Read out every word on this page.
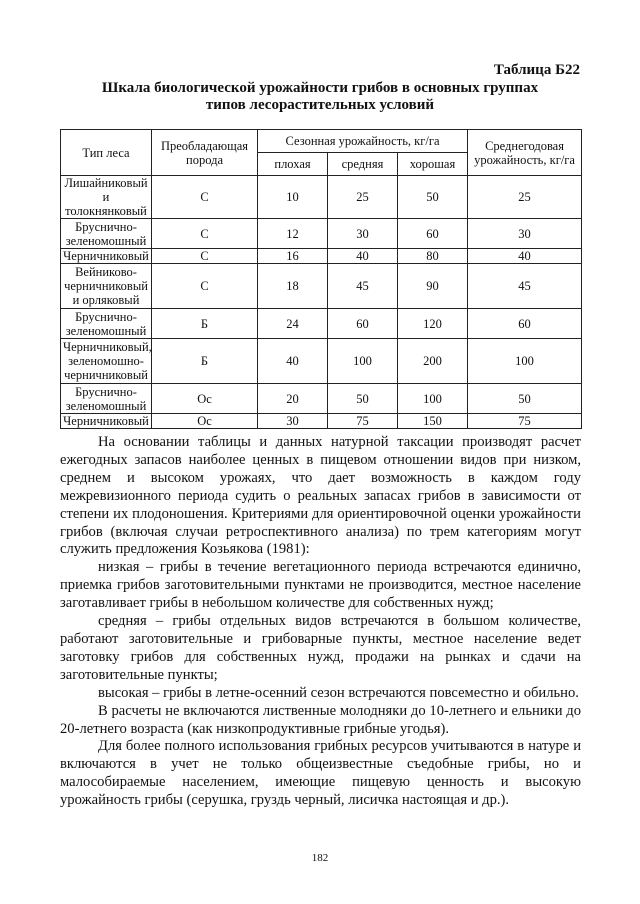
Таблица Б22
Шкала биологической урожайности грибов в основных группах
типов лесорастительных условий
Тип леса	Преобладающая порода	Сезонная урожайность, кг/га			Среднегодовая урожайность, кг/га
		плохая	средняя	хорошая	
Лишайниковый и толокнянковый	С	10	25	50	25
Бруснично-зеленомошный	С	12	30	60	30
Черничниковый	С	16	40	80	40
Вейниково-черничниковый и орляковый	С	18	45	90	45
Бруснично-зеленомошный	Б	24	60	120	60
Черничниковый, зеленомошно-черничниковый	Б	40	100	200	100
Бруснично-зеленомошный	Ос	20	50	100	50
Черничниковый	Ос	30	75	150	75

На основании таблицы и данных натурной таксации производят расчет ежегодных запасов наиболее ценных в пищевом отношении видов при низком, среднем и высоком урожаях, что дает возможность в каждом году межревизионного периода судить о реальных запасах грибов в зависимости от степени их плодоношения. Критериями для ориентировочной оценки урожайности грибов (включая случаи ретроспективного анализа) по трем категориям могут служить предложения Козьякова (1981):

низкая – грибы в течение вегетационного периода встречаются единично, приемка грибов заготовительными пунктами не производится, местное население заготавливает грибы в небольшом количестве для собственных нужд;

средняя – грибы отдельных видов встречаются в большом количестве, работают заготовительные и грибоварные пункты, местное население ведет заготовку грибов для собственных нужд, продажи на рынках и сдачи на заготовительные пункты;

высокая – грибы в летне-осенний сезон встречаются повсеместно и обильно.

В расчеты не включаются лиственные молодняки до 10-летнего и ельники до 20-летнего возраста (как низкопродуктивные грибные угодья).

Для более полного использования грибных ресурсов учитываются в натуре и включаются в учет не только общеизвестные съедобные грибы, но и малособираемые населением, имеющие пищевую ценность и высокую урожайность грибы (серушка, груздь черный, лисичка настоящая и др.).

182
